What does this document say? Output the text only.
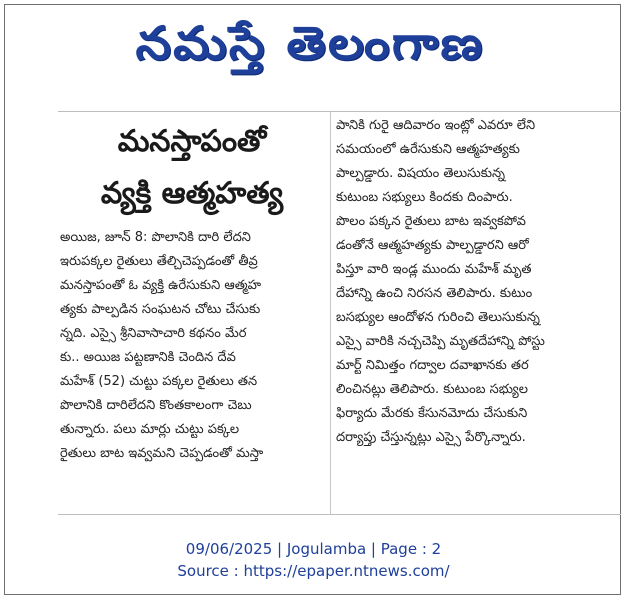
నమస్తే తెలంగాణ
మనస్తాపంతో
వ్యక్తి ఆత్మహత్య
అయిజ, జూన్ 8: పొలానికి దారి లేదని
ఇరుపక్కల రైతులు తేల్చిచెప్పడంతో తీవ్ర
మనస్తాపంతో ఓ వ్యక్తి ఉరేసుకుని ఆత్మహ
త్యకు పాల్పడిన సంఘటన చోటు చేసుకు
న్నది. ఎస్సై శ్రీనివాసాచారి కథనం మేర
కు.. అయిజ పట్టణానికి చెందిన దేవ
మహేశ్ (52) చుట్టు పక్కల రైతులు తన
పొలానికి దారిలేదని కొంతకాలంగా చెబు
తున్నారు. పలు మార్లు చుట్టు పక్కల
రైతులు బాట ఇవ్వమని చెప్పడంతో మస్తా
పానికి గురై ఆదివారం ఇంట్లో ఎవరూ లేని
సమయంలో ఉరేసుకుని ఆత్మహత్యకు
పాల్పడ్డారు. విషయం తెలుసుకున్న
కుటుంబ సభ్యులు కిందకు దింపారు.
పొలం పక్కన రైతులు బాట ఇవ్వకపోవ
డంతోనే ఆత్మహత్యకు పాల్పడ్డారని ఆరో
పిస్తూ వారి ఇండ్ల ముందు మహేశ్ మృత
దేహాన్ని ఉంచి నిరసన తెలిపారు. కుటుం
బసభ్యుల ఆందోళన గురించి తెలుసుకున్న
ఎస్సై వారికి నచ్చచెప్పి మృతదేహాన్ని పోస్టు
మార్ట్ నిమిత్తం గద్వాల దవాఖానకు తర
లించినట్లు తెలిపారు. కుటుంబ సభ్యుల
ఫిర్యాదు మేరకు కేసునమోదు చేసుకుని
దర్యాప్తు చేస్తున్నట్లు ఎస్సై పేర్కొన్నారు.
09/06/2025 | Jogulamba | Page : 2
Source : https://epaper.ntnews.com/
